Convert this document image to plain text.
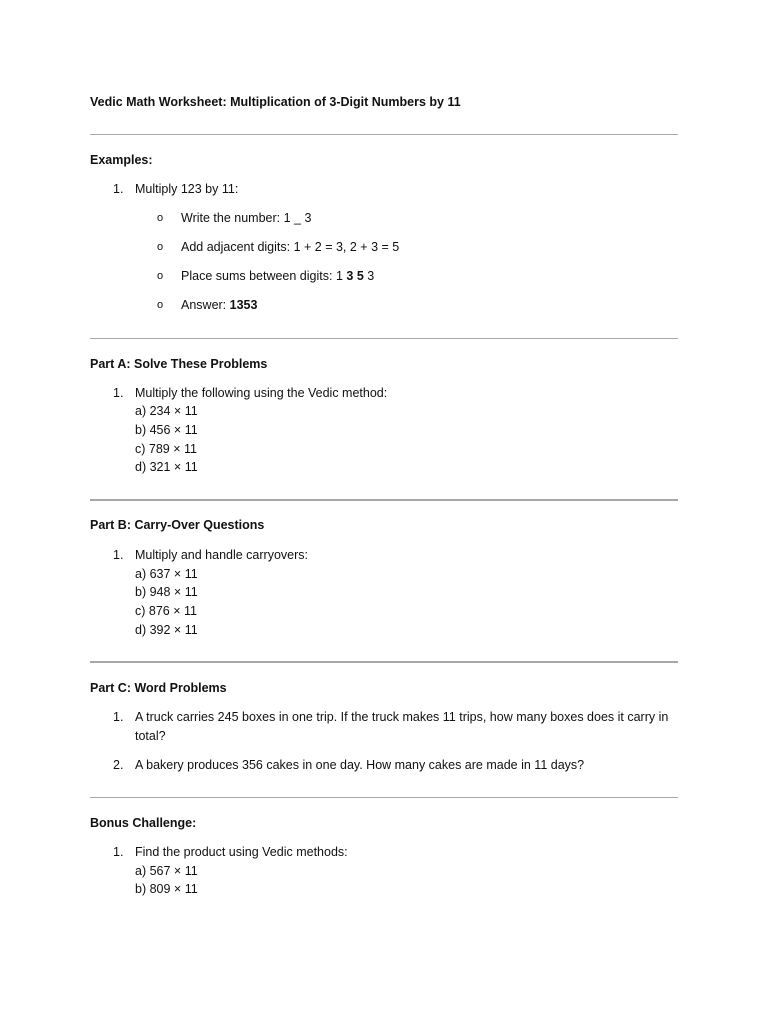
Vedic Math Worksheet: Multiplication of 3-Digit Numbers by 11
Examples:
1. Multiply 123 by 11:
o Write the number: 1 _ 3
o Add adjacent digits: 1 + 2 = 3, 2 + 3 = 5
o Place sums between digits: 1 3 5 3
o Answer: 1353
Part A: Solve These Problems
1. Multiply the following using the Vedic method:
a) 234 × 11
b) 456 × 11
c) 789 × 11
d) 321 × 11
Part B: Carry-Over Questions
1. Multiply and handle carryovers:
a) 637 × 11
b) 948 × 11
c) 876 × 11
d) 392 × 11
Part C: Word Problems
1. A truck carries 245 boxes in one trip. If the truck makes 11 trips, how many boxes does it carry in
total?
2. A bakery produces 356 cakes in one day. How many cakes are made in 11 days?
Bonus Challenge:
1. Find the product using Vedic methods:
a) 567 × 11
b) 809 × 11
